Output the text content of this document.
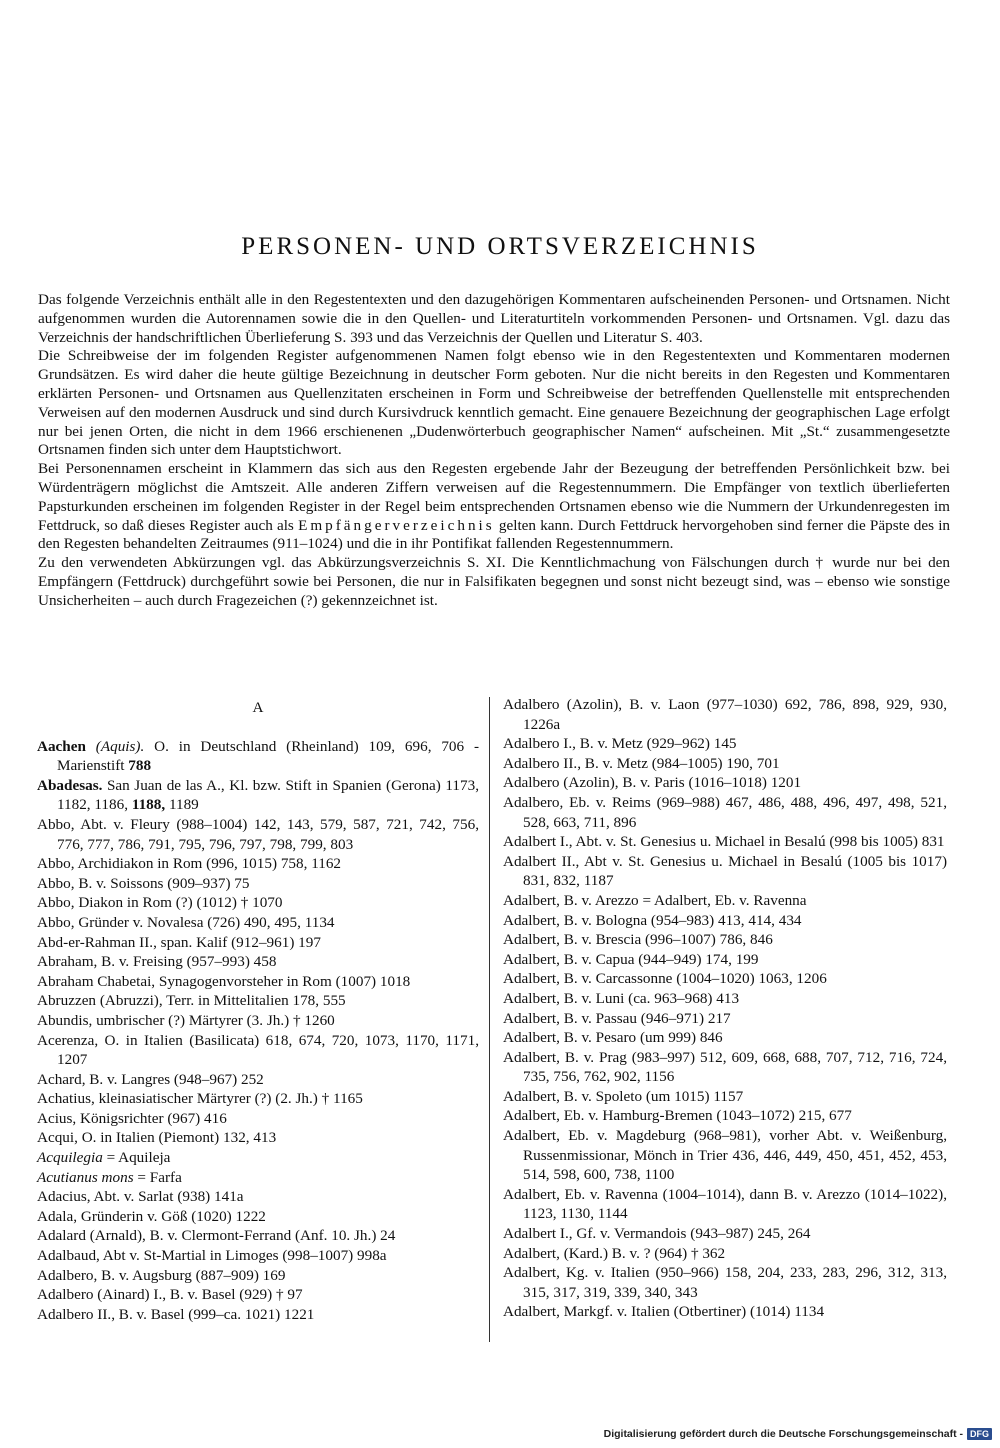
PERSONEN- UND ORTSVERZEICHNIS

Das folgende Verzeichnis enthält alle in den Regestentexten und den dazugehörigen Kommentaren aufscheinenden Personen- und Ortsnamen. Nicht aufgenommen wurden die Autorennamen sowie die in den Quellen- und Literaturtiteln vorkommenden Personen- und Ortsnamen. Vgl. dazu das Verzeichnis der handschriftlichen Überlieferung S. 393 und das Verzeichnis der Quellen und Literatur S. 403.

Die Schreibweise der im folgenden Register aufgenommenen Namen folgt ebenso wie in den Regestentexten und Kommentaren modernen Grundsätzen. Es wird daher die heute gültige Bezeichnung in deutscher Form geboten. Nur die nicht bereits in den Regesten und Kommentaren erklärten Personen- und Ortsnamen aus Quellenzitaten erscheinen in Form und Schreibweise der betreffenden Quellenstelle mit entsprechenden Verweisen auf den modernen Ausdruck und sind durch Kursivdruck kenntlich gemacht. Eine genauere Bezeichnung der geographischen Lage erfolgt nur bei jenen Orten, die nicht in dem 1966 erschienenen „Dudenwörterbuch geographischer Namen“ aufscheinen. Mit „St.“ zusammengesetzte Ortsnamen finden sich unter dem Hauptstichwort.

Bei Personennamen erscheint in Klammern das sich aus den Regesten ergebende Jahr der Bezeugung der betreffenden Persönlichkeit bzw. bei Würdenträgern möglichst die Amtszeit. Alle anderen Ziffern verweisen auf die Regestennummern. Die Empfänger von textlich überlieferten Papsturkunden erscheinen im folgenden Register in der Regel beim entsprechenden Ortsnamen ebenso wie die Nummern der Urkundenregesten im Fettdruck, so daß dieses Register auch als Empfängerverzeichnis gelten kann. Durch Fettdruck hervorgehoben sind ferner die Päpste des in den Regesten behandelten Zeitraumes (911–1024) und die in ihr Pontifikat fallenden Regestennummern.

Zu den verwendeten Abkürzungen vgl. das Abkürzungsverzeichnis S. XI. Die Kenntlichmachung von Fälschungen durch † wurde nur bei den Empfängern (Fettdruck) durchgeführt sowie bei Personen, die nur in Falsifikaten begegnen und sonst nicht bezeugt sind, was – ebenso wie sonstige Unsicherheiten – auch durch Fragezeichen (?) gekennzeichnet ist.

A

Aachen (Aquis). O. in Deutschland (Rheinland) 109, 696, 706 - Marienstift 788

Abadesas. San Juan de las A., Kl. bzw. Stift in Spanien (Gerona) 1173, 1182, 1186, 1188, 1189

Abbo, Abt. v. Fleury (988–1004) 142, 143, 579, 587, 721, 742, 756, 776, 777, 786, 791, 795, 796, 797, 798, 799, 803

Abbo, Archidiakon in Rom (996, 1015) 758, 1162

Abbo, B. v. Soissons (909–937) 75

Abbo, Diakon in Rom (?) (1012) † 1070

Abbo, Gründer v. Novalesa (726) 490, 495, 1134

Abd-er-Rahman II., span. Kalif (912–961) 197

Abraham, B. v. Freising (957–993) 458

Abraham Chabetai, Synagogenvorsteher in Rom (1007) 1018

Abruzzen (Abruzzi), Terr. in Mittelitalien 178, 555

Abundis, umbrischer (?) Märtyrer (3. Jh.) † 1260

Acerenza, O. in Italien (Basilicata) 618, 674, 720, 1073, 1170, 1171, 1207

Achard, B. v. Langres (948–967) 252

Achatius, kleinasiatischer Märtyrer (?) (2. Jh.) † 1165

Acius, Königsrichter (967) 416

Acqui, O. in Italien (Piemont) 132, 413

Acquilegia = Aquileja

Acutianus mons = Farfa

Adacius, Abt. v. Sarlat (938) 141a

Adala, Gründerin v. Göß (1020) 1222

Adalard (Arnald), B. v. Clermont-Ferrand (Anf. 10. Jh.) 24

Adalbaud, Abt v. St-Martial in Limoges (998–1007) 998a

Adalbero, B. v. Augsburg (887–909) 169

Adalbero (Ainard) I., B. v. Basel (929) † 97

Adalbero II., B. v. Basel (999–ca. 1021) 1221

Adalbero (Azolin), B. v. Laon (977–1030) 692, 786, 898, 929, 930, 1226a

Adalbero I., B. v. Metz (929–962) 145

Adalbero II., B. v. Metz (984–1005) 190, 701

Adalbero (Azolin), B. v. Paris (1016–1018) 1201

Adalbero, Eb. v. Reims (969–988) 467, 486, 488, 496, 497, 498, 521, 528, 663, 711, 896

Adalbert I., Abt. v. St. Genesius u. Michael in Besalú (998 bis 1005) 831

Adalbert II., Abt v. St. Genesius u. Michael in Besalú (1005 bis 1017) 831, 832, 1187

Adalbert, B. v. Arezzo = Adalbert, Eb. v. Ravenna

Adalbert, B. v. Bologna (954–983) 413, 414, 434

Adalbert, B. v. Brescia (996–1007) 786, 846

Adalbert, B. v. Capua (944–949) 174, 199

Adalbert, B. v. Carcassonne (1004–1020) 1063, 1206

Adalbert, B. v. Luni (ca. 963–968) 413

Adalbert, B. v. Passau (946–971) 217

Adalbert, B. v. Pesaro (um 999) 846

Adalbert, B. v. Prag (983–997) 512, 609, 668, 688, 707, 712, 716, 724, 735, 756, 762, 902, 1156

Adalbert, B. v. Spoleto (um 1015) 1157

Adalbert, Eb. v. Hamburg-Bremen (1043–1072) 215, 677

Adalbert, Eb. v. Magdeburg (968–981), vorher Abt. v. Weißenburg, Russenmissionar, Mönch in Trier 436, 446, 449, 450, 451, 452, 453, 514, 598, 600, 738, 1100

Adalbert, Eb. v. Ravenna (1004–1014), dann B. v. Arezzo (1014–1022), 1123, 1130, 1144

Adalbert I., Gf. v. Vermandois (943–987) 245, 264

Adalbert, (Kard.) B. v. ? (964) † 362

Adalbert, Kg. v. Italien (950–966) 158, 204, 233, 283, 296, 312, 313, 315, 317, 319, 339, 340, 343

Adalbert, Markgf. v. Italien (Otbertiner) (1014) 1134

Digitalisierung gefördert durch die Deutsche Forschungsgemeinschaft - DFG
